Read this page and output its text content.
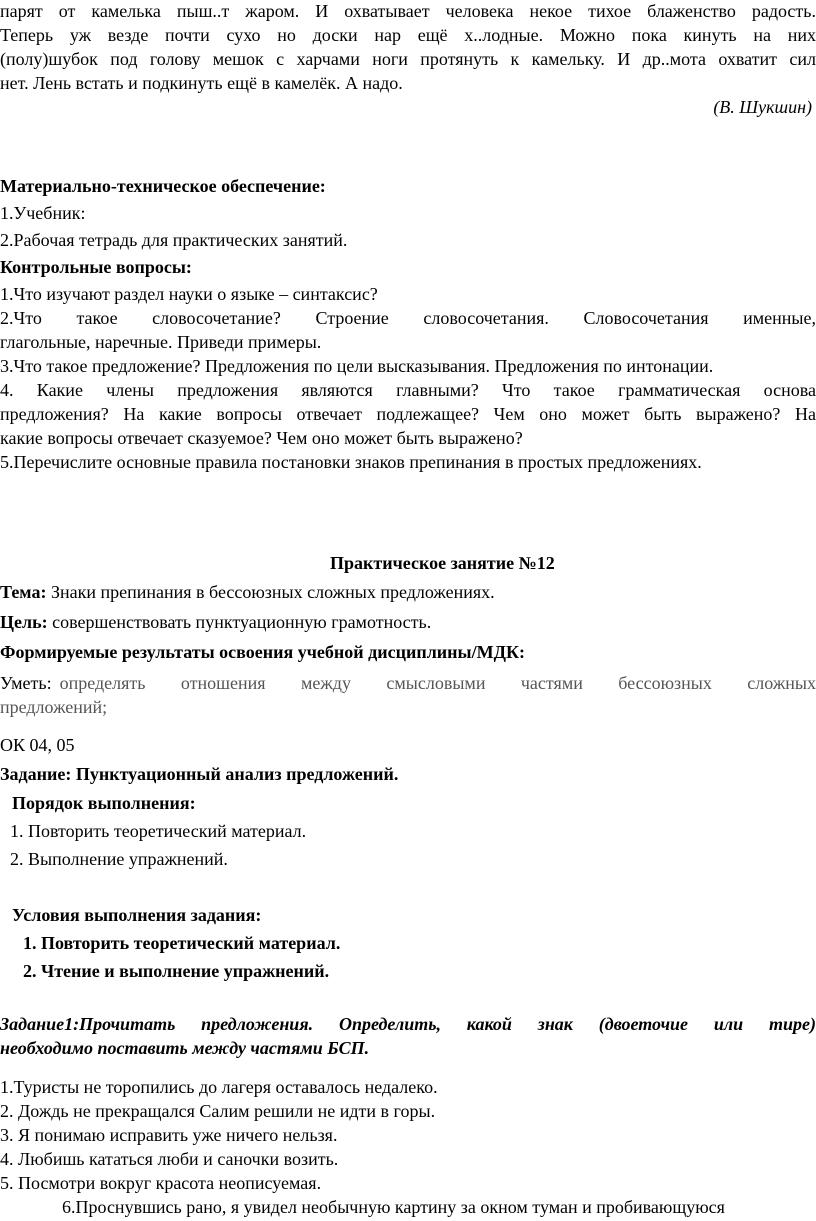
парят от камелька пыш..т жаром. И охватывает человека некое тихое блаженство радость.
Теперь уж везде почти сухо но доски нар ещё х..лодные. Можно пока кинуть на них
(полу)шубок под голову мешок с харчами ноги протянуть к камельку. И др..мота охватит сил
нет. Лень встать и подкинуть ещё в камелёк. А надо.
(В. Шукшин)
Материально-техническое обеспечение:
1.Учебник:
2.Рабочая тетрадь для практических занятий.
Контрольные вопросы:
1.Что изучают раздел науки о языке – синтаксис?
2.Что такое словосочетание? Строение словосочетания. Словосочетания именные,
глагольные, наречные. Приведи примеры.
3.Что такое предложение? Предложения по цели высказывания. Предложения по интонации.
4. Какие члены предложения являются главными? Что такое грамматическая основа
предложения? На какие вопросы отвечает подлежащее? Чем оно может быть выражено? На
какие вопросы отвечает сказуемое? Чем оно может быть выражено?
5.Перечислите основные правила постановки знаков препинания в простых предложениях.
Практическое занятие №12
Тема: Знаки препинания в бессоюзных сложных предложениях.
Цель: совершенствовать пунктуационную грамотность.
Формируемые результаты освоения учебной дисциплины/МДК:
Уметь: определять отношения между смысловыми частями бессоюзных сложных
предложений;
ОК 04, 05
Задание: Пунктуационный анализ предложений.
Порядок выполнения:
1. Повторить теоретический материал.
2. Выполнение упражнений.
Условия выполнения задания:
1. Повторить теоретический материал.
2. Чтение и выполнение упражнений.
Задание1:Прочитать предложения. Определить, какой знак (двоеточие или тире)
необходимо поставить между частями БСП.
1.Туристы не торопились до лагеря оставалось недалеко.
2. Дождь не прекращался Салим решили не идти в горы.
3. Я понимаю исправить уже ничего нельзя.
4. Любишь кататься люби и саночки возить.
5. Посмотри вокруг красота неописуемая.
6.Проснувшись рано, я увидел необычную картину за окном туман и пробивающуюся
